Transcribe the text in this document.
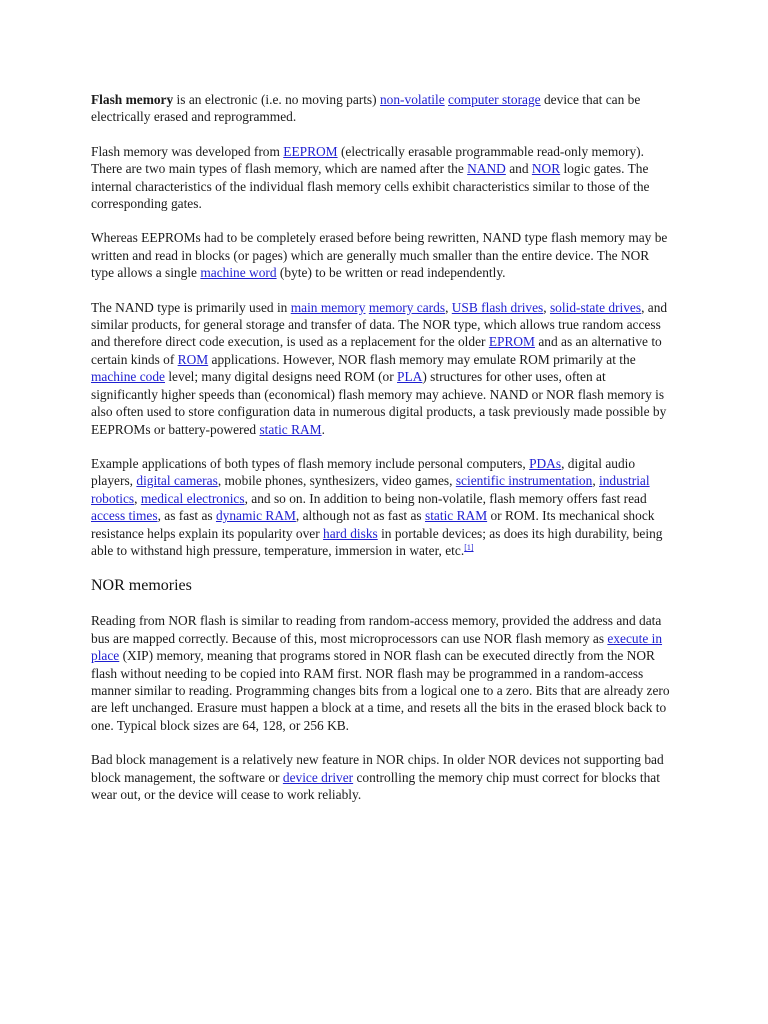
Flash memory is an electronic (i.e. no moving parts) non-volatile computer storage device that can be electrically erased and reprogrammed.

Flash memory was developed from EEPROM (electrically erasable programmable read-only memory). There are two main types of flash memory, which are named after the NAND and NOR logic gates. The internal characteristics of the individual flash memory cells exhibit characteristics similar to those of the corresponding gates.

Whereas EEPROMs had to be completely erased before being rewritten, NAND type flash memory may be written and read in blocks (or pages) which are generally much smaller than the entire device. The NOR type allows a single machine word (byte) to be written or read independently.

The NAND type is primarily used in main memory memory cards, USB flash drives, solid-state drives, and similar products, for general storage and transfer of data. The NOR type, which allows true random access and therefore direct code execution, is used as a replacement for the older EPROM and as an alternative to certain kinds of ROM applications. However, NOR flash memory may emulate ROM primarily at the machine code level; many digital designs need ROM (or PLA) structures for other uses, often at significantly higher speeds than (economical) flash memory may achieve. NAND or NOR flash memory is also often used to store configuration data in numerous digital products, a task previously made possible by EEPROMs or battery-powered static RAM.

Example applications of both types of flash memory include personal computers, PDAs, digital audio players, digital cameras, mobile phones, synthesizers, video games, scientific instrumentation, industrial robotics, medical electronics, and so on. In addition to being non-volatile, flash memory offers fast read access times, as fast as dynamic RAM, although not as fast as static RAM or ROM. Its mechanical shock resistance helps explain its popularity over hard disks in portable devices; as does its high durability, being able to withstand high pressure, temperature, immersion in water, etc.[1]

NOR memories

Reading from NOR flash is similar to reading from random-access memory, provided the address and data bus are mapped correctly. Because of this, most microprocessors can use NOR flash memory as execute in place (XIP) memory, meaning that programs stored in NOR flash can be executed directly from the NOR flash without needing to be copied into RAM first. NOR flash may be programmed in a random-access manner similar to reading. Programming changes bits from a logical one to a zero. Bits that are already zero are left unchanged. Erasure must happen a block at a time, and resets all the bits in the erased block back to one. Typical block sizes are 64, 128, or 256 KB.

Bad block management is a relatively new feature in NOR chips. In older NOR devices not supporting bad block management, the software or device driver controlling the memory chip must correct for blocks that wear out, or the device will cease to work reliably.
